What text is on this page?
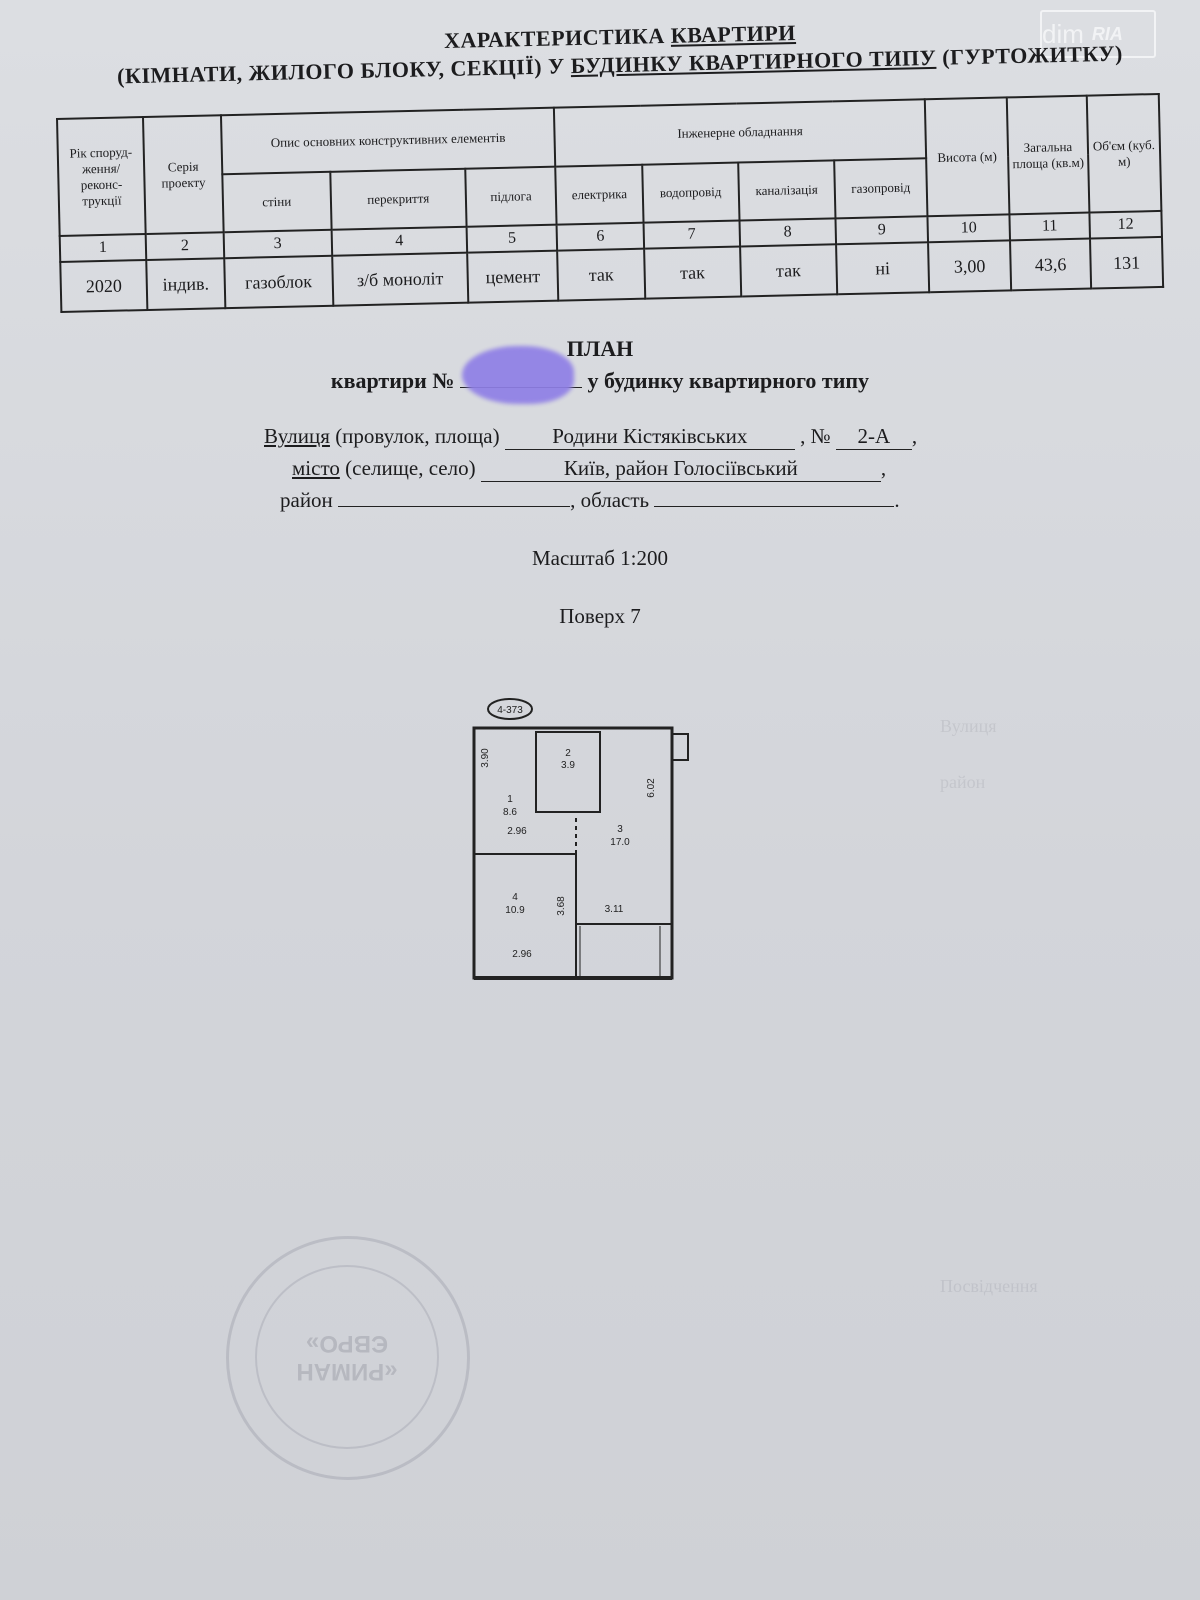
dim RIA
ХАРАКТЕРИСТИКА КВАРТИРИ
(КІМНАТИ, ЖИЛОГО БЛОКУ, СЕКЦІЇ) У БУДИНКУ КВАРТИРНОГО ТИПУ (ГУРТОЖИТКУ)
Рік споруд-ження/ реконс-трукції	Серія проекту	Опис основних конструктивних елементів			Інженерне обладнання				Висота (м)	Загальна площа (кв.м)	Об'єм (куб. м)
		стіни	перекриття	підлога	електрика	водопровід	каналізація	газопровід			
1	2	3	4	5	6	7	8	9	10	11	12
2020	індив.	газоблок	з/б моноліт	цемент	так	так	так	ні	3,00	43,6	131
ПЛАН
квартири №	у будинку квартирного типу
Вулиця (провулок, площа) Родини Кістяківських , № 2-А ,
місто (селище, село)	Київ, район Голосіївський	,
район	, область	.
Масштаб 1:200
Поверх 7
4-373
3.90
2.96
2.96
3.68	3.11
6.02
1
8.6
2
3.9
3
17.0
4
10.9
«РИМАН
ЄВРО»
Вулиця
район
Посвідчення
